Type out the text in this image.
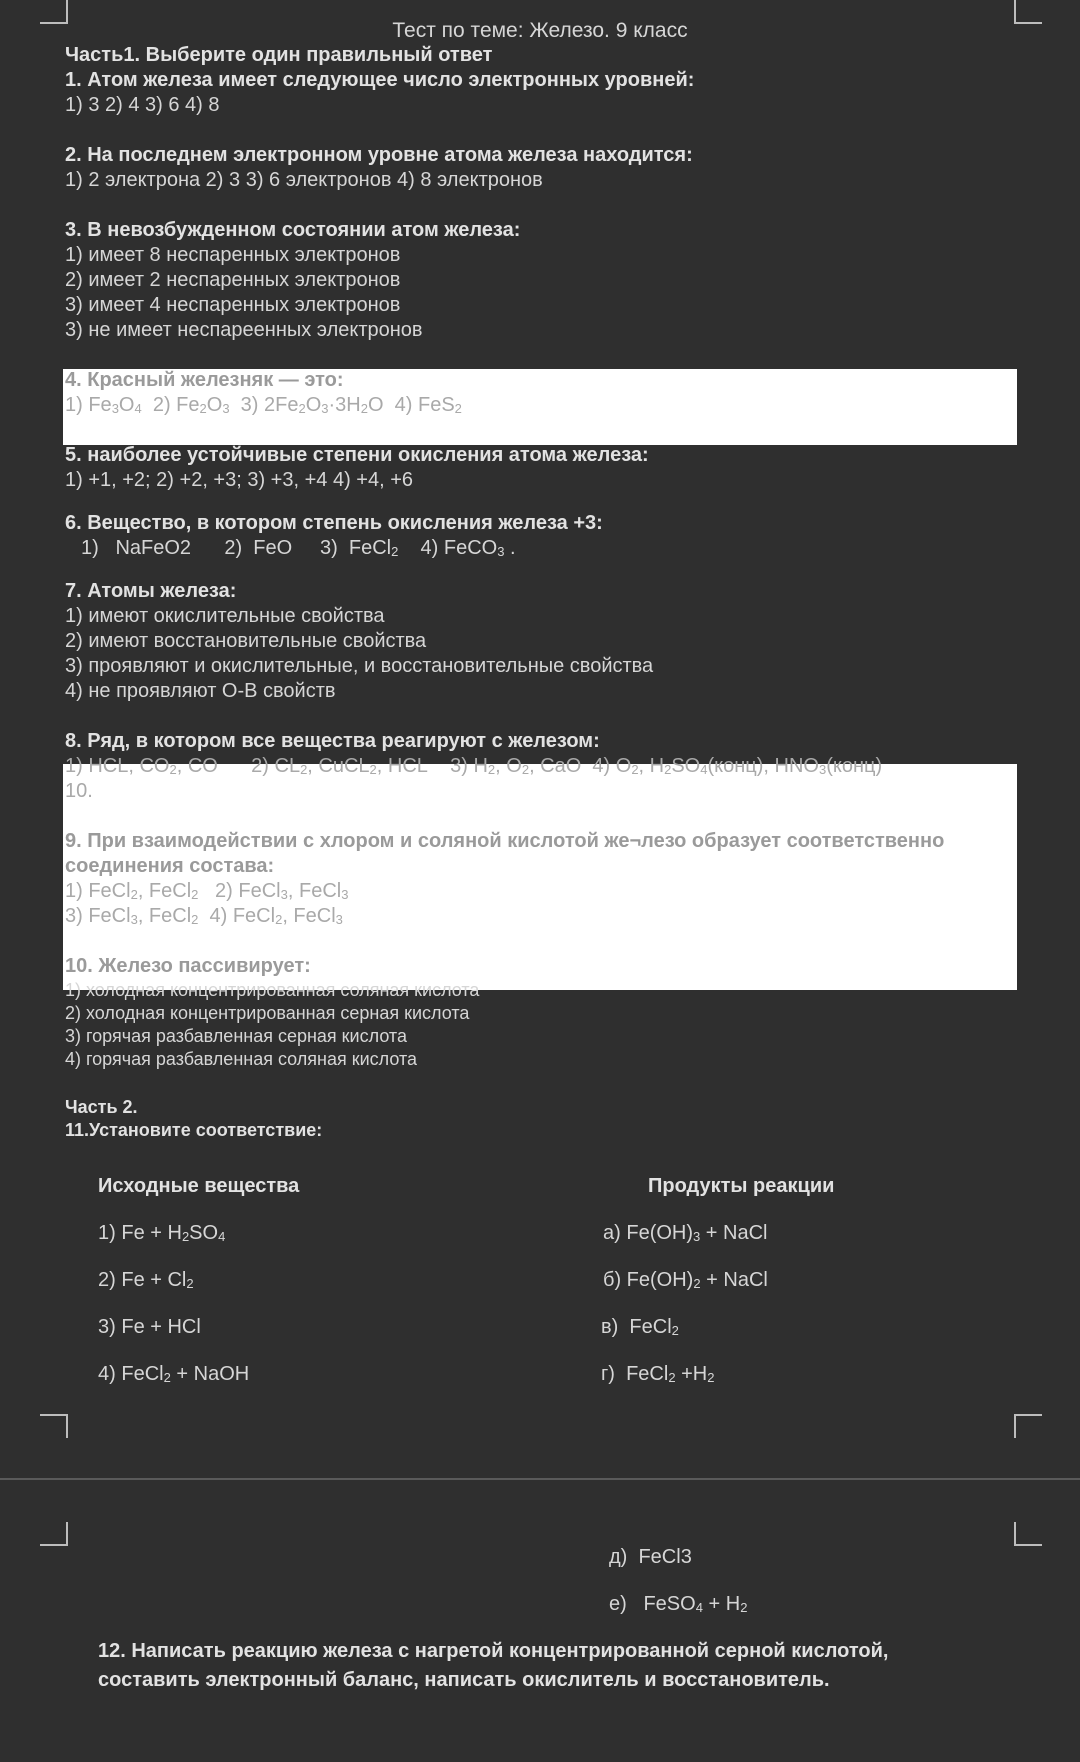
Тест по теме: Железо. 9 класс
Часть1. Выберите один правильный ответ
1. Атом железа имеет следующее число электронных уровней:
1) 3 2) 4 3) 6 4) 8
2. На последнем электронном уровне атома железа находится:
1) 2 электрона 2) 3 3) 6 электронов 4) 8 электронов
3. В невозбужденном состоянии атом железа:
1) имеет 8 неспаренных электронов
2) имеет 2 неспаренных электронов
3) имеет 4 неспаренных электронов
3) не имеет неспареенных электронов
4. Красный железняк — это:
1) $Fe_3O_4$  2) $Fe_2O_3$  3) $2Fe_2O_3\cdot 3H_2O$  4) FeS$_2$
5. наиболее устойчивые степени окисления атома железа:
1) +1, +2; 2) +2, +3; 3) +3, +4 4) +4, +6
6. Вещество, в котором степень окисления железа +3:
1)   NaFeO2      2)  FeO     3)  FeCl$_2$    4) FeCO$_3$ .
7. Атомы железа:
1) имеют окислительные свойства
2) имеют восстановительные свойства
3) проявляют и окислительные, и восстановительные свойства
4) не проявляют О-В свойств
8. Ряд, в котором все вещества реагируют с железом:
1) HCL, $CO_2$, CO      2) $CL_2$, CuCL$_2$, HCL    3) $H_2$, $O_2$, CaO  4) $O_2$, $H_2SO_4(конц)$, $HNO_3(конц)$
10.
9. При взаимодействии с хлором и соляной кислотой же¬лезо образует соответственно соединения состава:
1) FeCl$_2$, FeCl$_2$   2) FeCl$_3$, FeCl$_3$
3) FeCl$_3$, FeCl$_2$  4) FeCl$_2$, FeCl$_3$
10. Железо пассивирует:
1) холодная концентрированная соляная кислота
2) холодная концентрированная серная кислота
3) горячая разбавленная серная кислота
4) горячая разбавленная соляная кислота
Часть 2.
11.Установите соответствие:
Исходные вещества	Продукты реакции
1) $Fe + H_2SO_4$
2) $Fe + Cl_2$
3) Fe + HCl
4) FeCl$_2$ + NaOH
а) $Fe(OH)_3$ + NaCl
б) $Fe(OH)_2$ + NaCl
в)  FeCl$_2$
г)  FeCl$_2$ $+H_2$
д) FeCl3
е)   FeSO$_4$ + $H_2$
12. Написать реакцию железа с нагретой концентрированной серной кислотой, составить электронный баланс, написать окислитель и восстановитель.
